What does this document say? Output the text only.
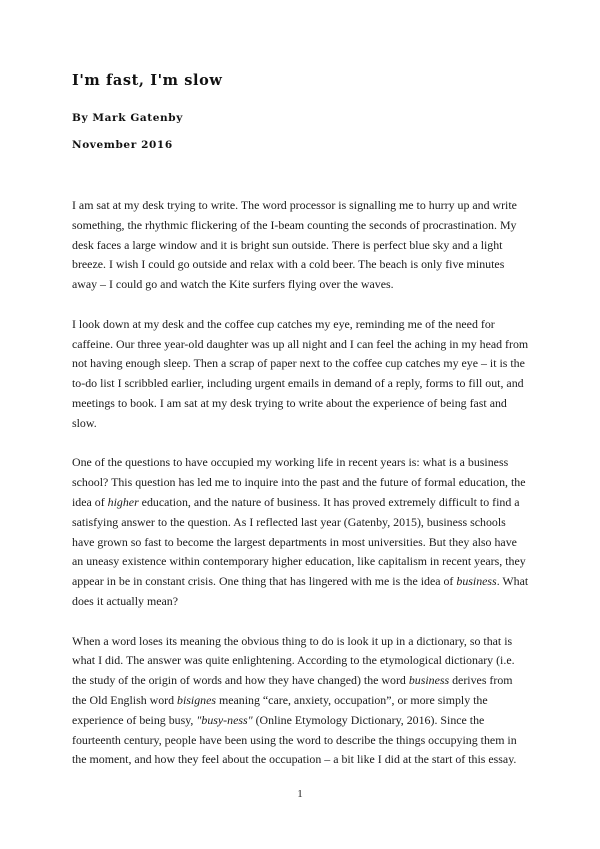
I'm fast, I'm slow
By Mark Gatenby
November 2016

I am sat at my desk trying to write. The word processor is signalling me to hurry up and write something, the rhythmic flickering of the I-beam counting the seconds of procrastination. My desk faces a large window and it is bright sun outside. There is perfect blue sky and a light breeze. I wish I could go outside and relax with a cold beer. The beach is only five minutes away – I could go and watch the Kite surfers flying over the waves.

I look down at my desk and the coffee cup catches my eye, reminding me of the need for caffeine. Our three year-old daughter was up all night and I can feel the aching in my head from not having enough sleep. Then a scrap of paper next to the coffee cup catches my eye – it is the to-do list I scribbled earlier, including urgent emails in demand of a reply, forms to fill out, and meetings to book. I am sat at my desk trying to write about the experience of being fast and slow.

One of the questions to have occupied my working life in recent years is: what is a business school? This question has led me to inquire into the past and the future of formal education, the idea of higher education, and the nature of business. It has proved extremely difficult to find a satisfying answer to the question. As I reflected last year (Gatenby, 2015), business schools have grown so fast to become the largest departments in most universities. But they also have an uneasy existence within contemporary higher education, like capitalism in recent years, they appear in be in constant crisis. One thing that has lingered with me is the idea of business. What does it actually mean?

When a word loses its meaning the obvious thing to do is look it up in a dictionary, so that is what I did. The answer was quite enlightening. According to the etymological dictionary (i.e. the study of the origin of words and how they have changed) the word business derives from the Old English word bisignes meaning “care, anxiety, occupation”, or more simply the experience of being busy, "busy-ness" (Online Etymology Dictionary, 2016). Since the fourteenth century, people have been using the word to describe the things occupying them in the moment, and how they feel about the occupation – a bit like I did at the start of this essay.

1
